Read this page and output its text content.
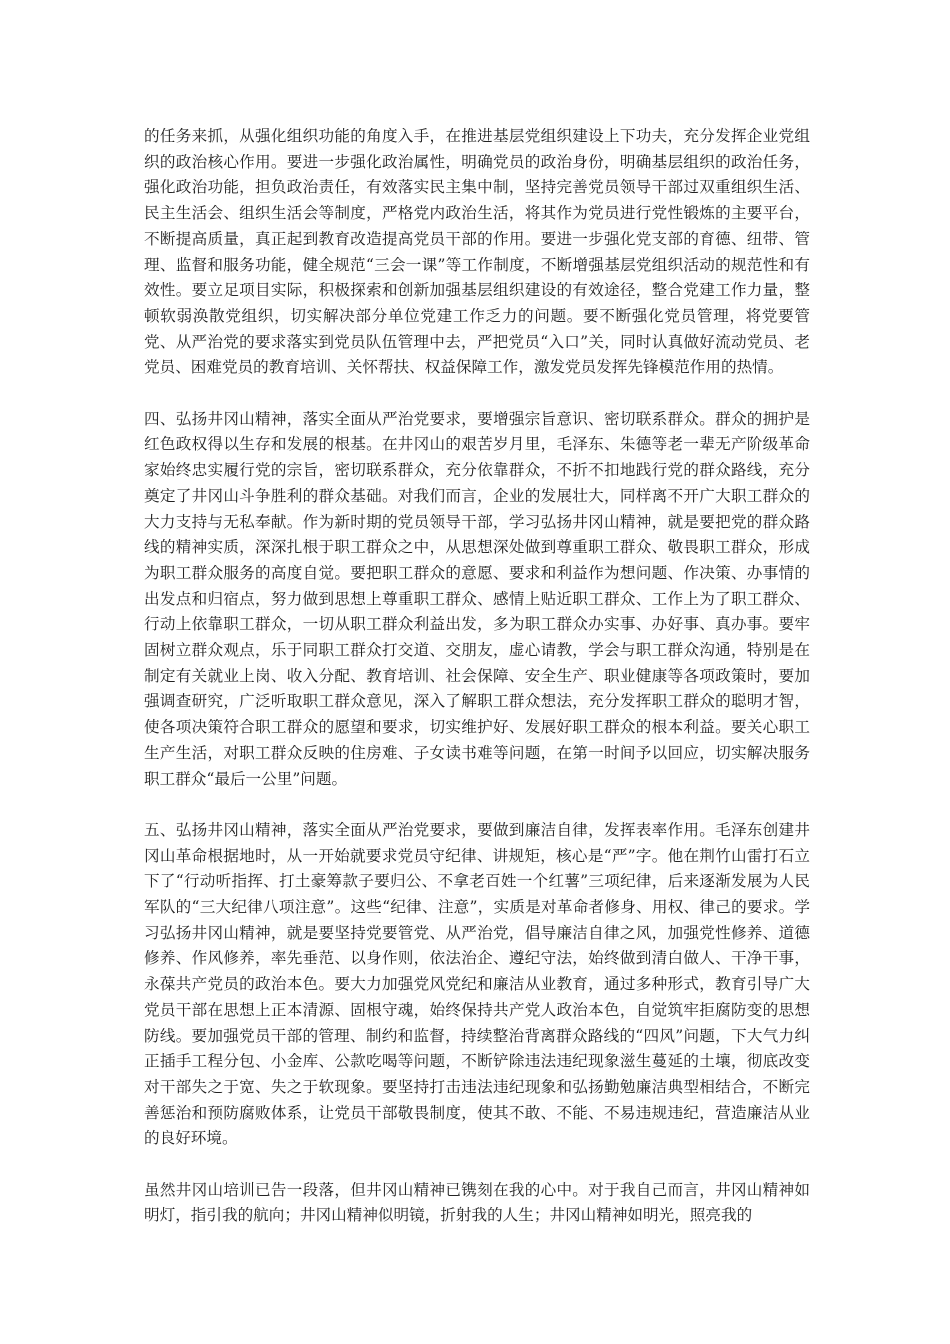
的任务来抓，从强化组织功能的角度入手，在推进基层党组织建设上下功夫，充分发挥企业党组织的政治核心作用。要进一步强化政治属性，明确党员的政治身份，明确基层组织的政治任务，强化政治功能，担负政治责任，有效落实民主集中制，坚持完善党员领导干部过双重组织生活、民主生活会、组织生活会等制度，严格党内政治生活，将其作为党员进行党性锻炼的主要平台，不断提高质量，真正起到教育改造提高党员干部的作用。要进一步强化党支部的育德、纽带、管理、监督和服务功能，健全规范“三会一课”等工作制度，不断增强基层党组织活动的规范性和有效性。要立足项目实际，积极探索和创新加强基层组织建设的有效途径，整合党建工作力量，整顿软弱涣散党组织，切实解决部分单位党建工作乏力的问题。要不断强化党员管理，将党要管党、从严治党的要求落实到党员队伍管理中去，严把党员“入口”关，同时认真做好流动党员、老党员、困难党员的教育培训、关怀帮扶、权益保障工作，激发党员发挥先锋模范作用的热情。

四、弘扬井冈山精神，落实全面从严治党要求，要增强宗旨意识、密切联系群众。群众的拥护是红色政权得以生存和发展的根基。在井冈山的艰苦岁月里，毛泽东、朱德等老一辈无产阶级革命家始终忠实履行党的宗旨，密切联系群众，充分依靠群众，不折不扣地践行党的群众路线，充分奠定了井冈山斗争胜利的群众基础。对我们而言，企业的发展壮大，同样离不开广大职工群众的大力支持与无私奉献。作为新时期的党员领导干部，学习弘扬井冈山精神，就是要把党的群众路线的精神实质，深深扎根于职工群众之中，从思想深处做到尊重职工群众、敬畏职工群众，形成为职工群众服务的高度自觉。要把职工群众的意愿、要求和利益作为想问题、作决策、办事情的出发点和归宿点，努力做到思想上尊重职工群众、感情上贴近职工群众、工作上为了职工群众、行动上依靠职工群众，一切从职工群众利益出发，多为职工群众办实事、办好事、真办事。要牢固树立群众观点，乐于同职工群众打交道、交朋友，虚心请教，学会与职工群众沟通，特别是在制定有关就业上岗、收入分配、教育培训、社会保障、安全生产、职业健康等各项政策时，要加强调查研究，广泛听取职工群众意见，深入了解职工群众想法，充分发挥职工群众的聪明才智，使各项决策符合职工群众的愿望和要求，切实维护好、发展好职工群众的根本利益。要关心职工生产生活，对职工群众反映的住房难、子女读书难等问题，在第一时间予以回应，切实解决服务职工群众“最后一公里”问题。

五、弘扬井冈山精神，落实全面从严治党要求，要做到廉洁自律，发挥表率作用。毛泽东创建井冈山革命根据地时，从一开始就要求党员守纪律、讲规矩，核心是“严”字。他在荆竹山雷打石立下了“行动听指挥、打土豪筹款子要归公、不拿老百姓一个红薯”三项纪律，后来逐渐发展为人民军队的“三大纪律八项注意”。这些“纪律、注意”，实质是对革命者修身、用权、律己的要求。学习弘扬井冈山精神，就是要坚持党要管党、从严治党，倡导廉洁自律之风，加强党性修养、道德修养、作风修养，率先垂范、以身作则，依法治企、遵纪守法，始终做到清白做人、干净干事，永葆共产党员的政治本色。要大力加强党风党纪和廉洁从业教育，通过多种形式，教育引导广大党员干部在思想上正本清源、固根守魂，始终保持共产党人政治本色，自觉筑牢拒腐防变的思想防线。要加强党员干部的管理、制约和监督，持续整治背离群众路线的“四风”问题，下大气力纠正插手工程分包、小金库、公款吃喝等问题，不断铲除违法违纪现象滋生蔓延的土壤，彻底改变对干部失之于宽、失之于软现象。要坚持打击违法违纪现象和弘扬勤勉廉洁典型相结合，不断完善惩治和预防腐败体系，让党员干部敬畏制度，使其不敢、不能、不易违规违纪，营造廉洁从业的良好环境。

虽然井冈山培训已告一段落，但井冈山精神已镌刻在我的心中。对于我自己而言，井冈山精神如明灯，指引我的航向；井冈山精神似明镜，折射我的人生；井冈山精神如明光，照亮我的
